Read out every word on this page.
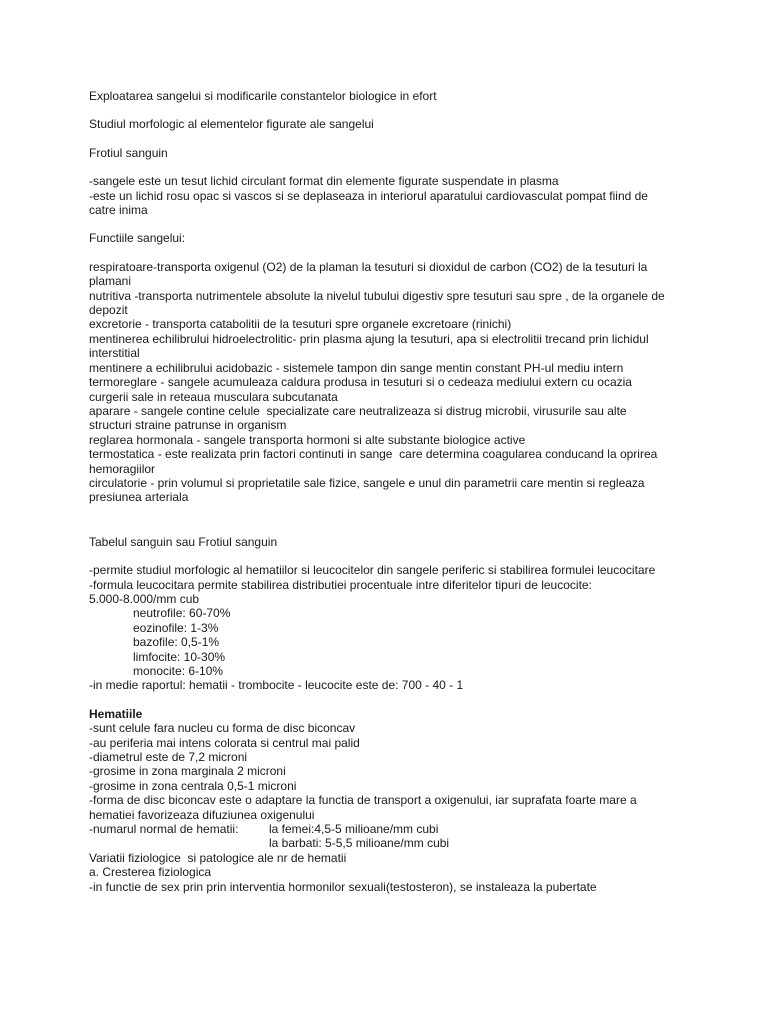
Exploatarea sangelui si modificarile constantelor biologice in efort
Studiul morfologic al elementelor figurate ale sangelui
Frotiul sanguin
-sangele este un tesut lichid circulant format din elemente figurate suspendate in plasma
-este un lichid rosu opac si vascos si se deplaseaza in interiorul aparatului cardiovasculat pompat fiind de
catre inima
Functiile sangelui:
respiratoare-transporta oxigenul (O2) de la plaman la tesuturi si dioxidul de carbon (CO2) de la tesuturi la
plamani
nutritiva -transporta nutrimentele absolute la nivelul tubului digestiv spre tesuturi sau spre , de la organele de
depozit
excretorie - transporta catabolitii de la tesuturi spre organele excretoare (rinichi)
mentinerea echilibrului hidroelectrolitic- prin plasma ajung la tesuturi, apa si electrolitii trecand prin lichidul
interstitial
mentinere a echilibrului acidobazic - sistemele tampon din sange mentin constant PH-ul mediu intern
termoreglare - sangele acumuleaza caldura produsa in tesuturi si o cedeaza mediului extern cu ocazia
curgerii sale in reteaua musculara subcutanata
aparare - sangele contine celule  specializate care neutralizeaza si distrug microbii, virusurile sau alte
structuri straine patrunse in organism
reglarea hormonala - sangele transporta hormoni si alte substante biologice active
termostatica - este realizata prin factori continuti in sange  care determina coagularea conducand la oprirea
hemoragiilor
circulatorie - prin volumul si proprietatile sale fizice, sangele e unul din parametrii care mentin si regleaza
presiunea arteriala
Tabelul sanguin sau Frotiul sanguin
-permite studiul morfologic al hematiilor si leucocitelor din sangele periferic si stabilirea formulei leucocitare
-formula leucocitara permite stabilirea distributiei procentuale intre diferitelor tipuri de leucocite:
5.000-8.000/mm cub
neutrofile: 60-70%
eozinofile: 1-3%
bazofile: 0,5-1%
limfocite: 10-30%
monocite: 6-10%
-in medie raportul: hematii - trombocite - leucocite este de: 700 - 40 - 1
Hematiile
-sunt celule fara nucleu cu forma de disc biconcav
-au periferia mai intens colorata si centrul mai palid
-diametrul este de 7,2 microni
-grosime in zona marginala 2 microni
-grosime in zona centrala 0,5-1 microni
-forma de disc biconcav este o adaptare la functia de transport a oxigenului, iar suprafata foarte mare a
hematiei favorizeaza difuziunea oxigenului
-numarul normal de hematii:	la femei:4,5-5 milioane/mm cubi
la barbati: 5-5,5 milioane/mm cubi
Variatii fiziologice  si patologice ale nr de hematii
a. Cresterea fiziologica
-in functie de sex prin prin interventia hormonilor sexuali(testosteron), se instaleaza la pubertate
